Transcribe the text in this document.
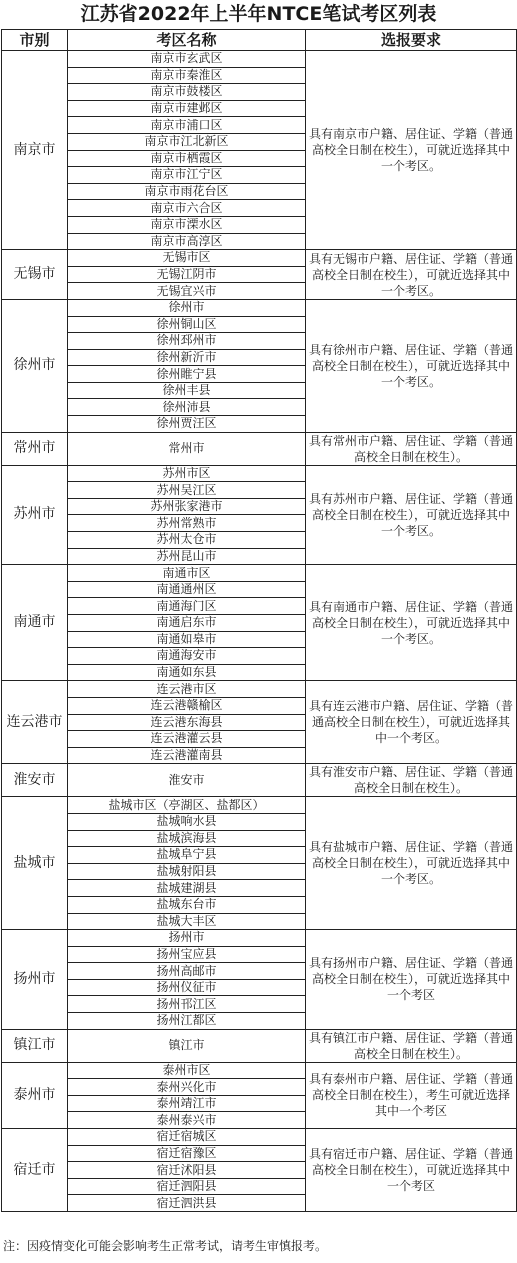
江苏省2022年上半年NTCE笔试考区列表
市别	考区名称	选报要求
南京市	南京市玄武区	具有南京市户籍、居住证、学籍（普通高校全日制在校生），可就近选择其中一个考区。
	南京市秦淮区	
	南京市鼓楼区	
	南京市建邺区	
	南京市浦口区	
	南京市江北新区	
	南京市栖霞区	
	南京市江宁区	
	南京市雨花台区	
	南京市六合区	
	南京市溧水区	
	南京市高淳区	
无锡市	无锡市区	具有无锡市户籍、居住证、学籍（普通高校全日制在校生），可就近选择其中一个考区。
	无锡江阴市	
	无锡宜兴市	
徐州市	徐州市	具有徐州市户籍、居住证、学籍（普通高校全日制在校生），可就近选择其中一个考区。
	徐州铜山区	
	徐州邳州市	
	徐州新沂市	
	徐州睢宁县	
	徐州丰县	
	徐州沛县	
	徐州贾汪区	
常州市	常州市	具有常州市户籍、居住证、学籍（普通高校全日制在校生）。
苏州市	苏州市区	具有苏州市户籍、居住证、学籍（普通高校全日制在校生），可就近选择其中一个考区。
	苏州吴江区	
	苏州张家港市	
	苏州常熟市	
	苏州太仓市	
	苏州昆山市	
南通市	南通市区	具有南通市户籍、居住证、学籍（普通高校全日制在校生），可就近选择其中一个考区。
	南通通州区	
	南通海门区	
	南通启东市	
	南通如皋市	
	南通海安市	
	南通如东县	
连云港市	连云港市区	具有连云港市户籍、居住证、学籍（普通高校全日制在校生），可就近选择其中一个考区。
	连云港赣榆区	
	连云港东海县	
	连云港灌云县	
	连云港灌南县	
淮安市	淮安市	具有淮安市户籍、居住证、学籍（普通高校全日制在校生）。
盐城市	盐城市区（亭湖区、盐都区）	具有盐城市户籍、居住证、学籍（普通高校全日制在校生），可就近选择其中一个考区。
	盐城响水县	
	盐城滨海县	
	盐城阜宁县	
	盐城射阳县	
	盐城建湖县	
	盐城东台市	
	盐城大丰区	
扬州市	扬州市	具有扬州市户籍、居住证、学籍（普通高校全日制在校生），可就近选择其中一个考区
	扬州宝应县	
	扬州高邮市	
	扬州仪征市	
	扬州邗江区	
	扬州江都区	
镇江市	镇江市	具有镇江市户籍、居住证、学籍（普通高校全日制在校生）。
泰州市	泰州市区	具有泰州市户籍、居住证、学籍（普通高校全日制在校生），考生可就近选择其中一个考区
	泰州兴化市	
	泰州靖江市	
	泰州泰兴市	
宿迁市	宿迁宿城区	具有宿迁市户籍、居住证、学籍（普通高校全日制在校生），可就近选择其中一个考区
	宿迁宿豫区	
	宿迁沭阳县	
	宿迁泗阳县	
	宿迁泗洪县	
注：因疫情变化可能会影响考生正常考试，请考生审慎报考。
